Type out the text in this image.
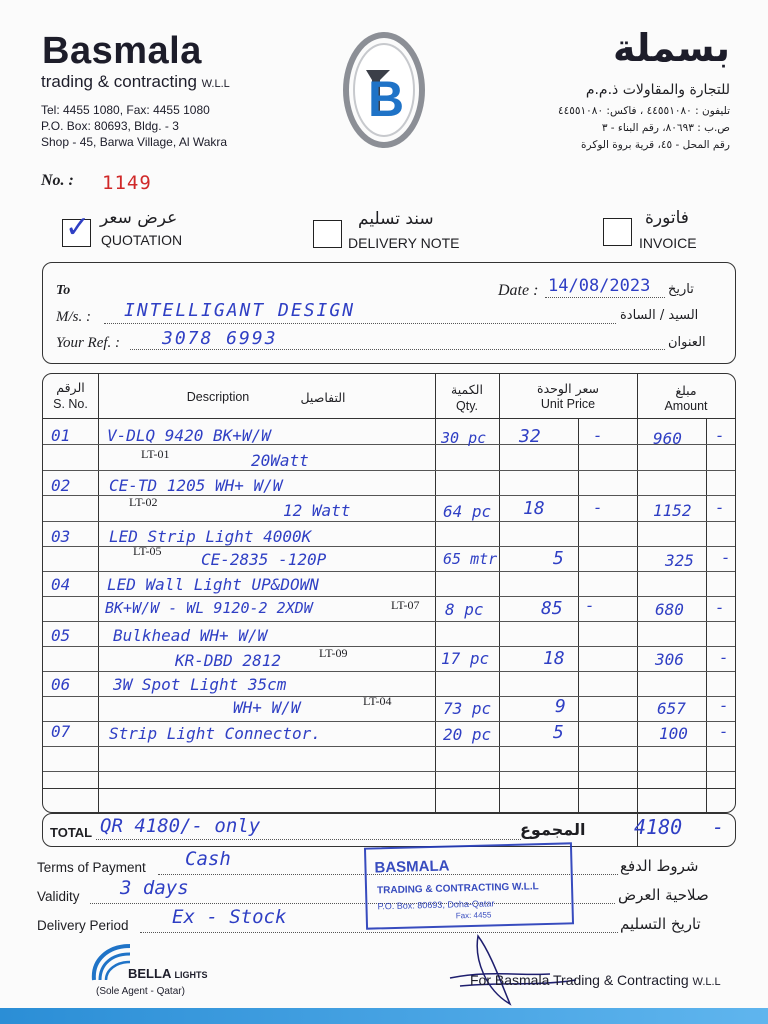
Basmala
trading & contracting W.L.L
Tel: 4455 1080, Fax: 4455 1080
P.O. Box: 80693, Bldg. - 3
Shop - 45, Barwa Village, Al Wakra
B
بسملة
للتجارة والمقاولات ذ.م.م
تليفون : ٤٤٥٥١٠٨٠ ، فاكس: ٤٤٥٥١٠٨٠
ص.ب : ٨٠٦٩٣، رقم البناء - ٣
رقم المحل - ٤٥، قرية بروة الوكرة
No. : 1149
✓ عرض سعر
QUOTATION
سند تسليم
DELIVERY NOTE
فاتورة
INVOICE
To	Date : 14/08/2023 تاريخ
M/s. : INTELLIGANT DESIGN	السيد / السادة
Your Ref. : 3078 6993	العنوان
الرقم
S. No.	Description	التفاصيل
الكمية
Qty.
سعر الوحدة
Unit Price
مبلغ
Amount
01 V-DLQ 9420 BK+W/W
LT-01	20Watt
30 pc 32	-	960 -
02 CE-TD 1205 WH+ W/W
LT-02	12 Watt	64 pc 18	-	1152 -
03 LED Strip Light 4000K
LT-05 CE-2835 -120P	65 mtr	5	325 -
04 LED Wall Light UP&DOWN
BK+W/W - WL 9120-2 2XDW	LT-07 8 pc	85 -	680 -
05	Bulkhead WH+ W/W
KR-DBD 2812	LT-09	17 pc	18	306 -
06	3W Spot Light 35cm
WH+ W/W	LT-04	73 pc	9	657 -
07 Strip Light Connector.	20 pc	5	100 -
TOTAL QR 4180/- only	المجموع	4180 -
Terms of Payment Cash	شروط الدفع
Validity 3 days	صلاحية العرض
Delivery Period Ex - Stock	تاريخ التسليم
BASMALA
TRADING & CONTRACTING W.L.L
P.O. Box: 80693, Doha-Qatar
Fax: 4455
BELLA LIGHTS
(Sole Agent - Qatar)
For Basmala Trading & Contracting W.L.L
